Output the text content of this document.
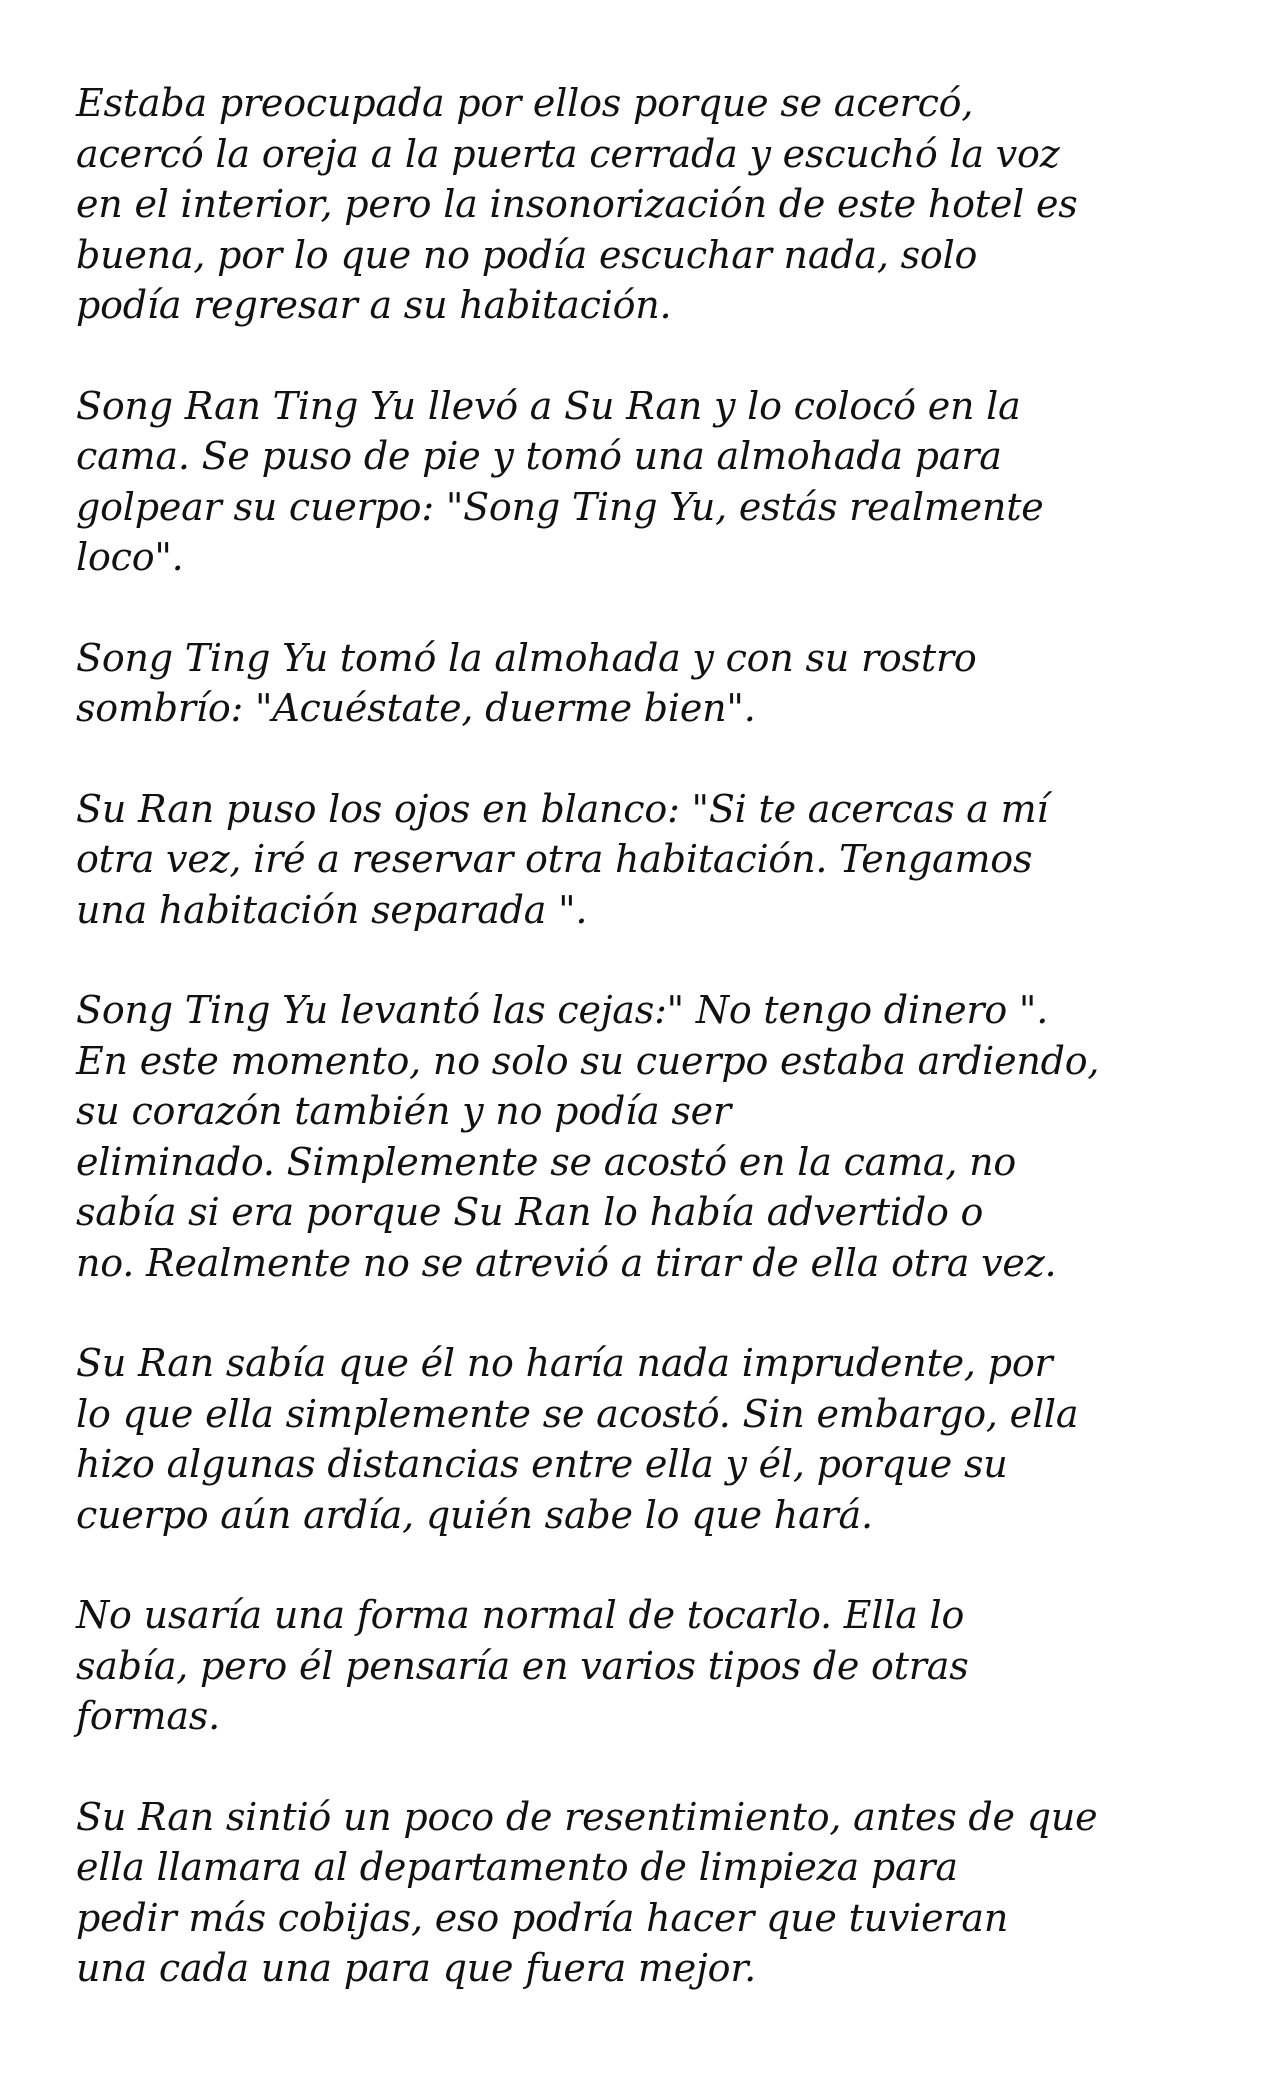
Estaba preocupada por ellos porque se acercó,
acercó la oreja a la puerta cerrada y escuchó la voz
en el interior, pero la insonorización de este hotel es
buena, por lo que no podía escuchar nada, solo
podía regresar a su habitación.

Song Ran Ting Yu llevó a Su Ran y lo colocó en la
cama. Se puso de pie y tomó una almohada para
golpear su cuerpo: "Song Ting Yu, estás realmente
loco".

Song Ting Yu tomó la almohada y con su rostro
sombrío: "Acuéstate, duerme bien".

Su Ran puso los ojos en blanco: "Si te acercas a mí
otra vez, iré a reservar otra habitación. Tengamos
una habitación separada ".

Song Ting Yu levantó las cejas:" No tengo dinero ".
En este momento, no solo su cuerpo estaba ardiendo,
su corazón también y no podía ser
eliminado. Simplemente se acostó en la cama, no
sabía si era porque Su Ran lo había advertido o
no. Realmente no se atrevió a tirar de ella otra vez.

Su Ran sabía que él no haría nada imprudente, por
lo que ella simplemente se acostó. Sin embargo, ella
hizo algunas distancias entre ella y él, porque su
cuerpo aún ardía, quién sabe lo que hará.

No usaría una forma normal de tocarlo. Ella lo
sabía, pero él pensaría en varios tipos de otras
formas.

Su Ran sintió un poco de resentimiento, antes de que
ella llamara al departamento de limpieza para
pedir más cobijas, eso podría hacer que tuvieran
una cada una para que fuera mejor.
